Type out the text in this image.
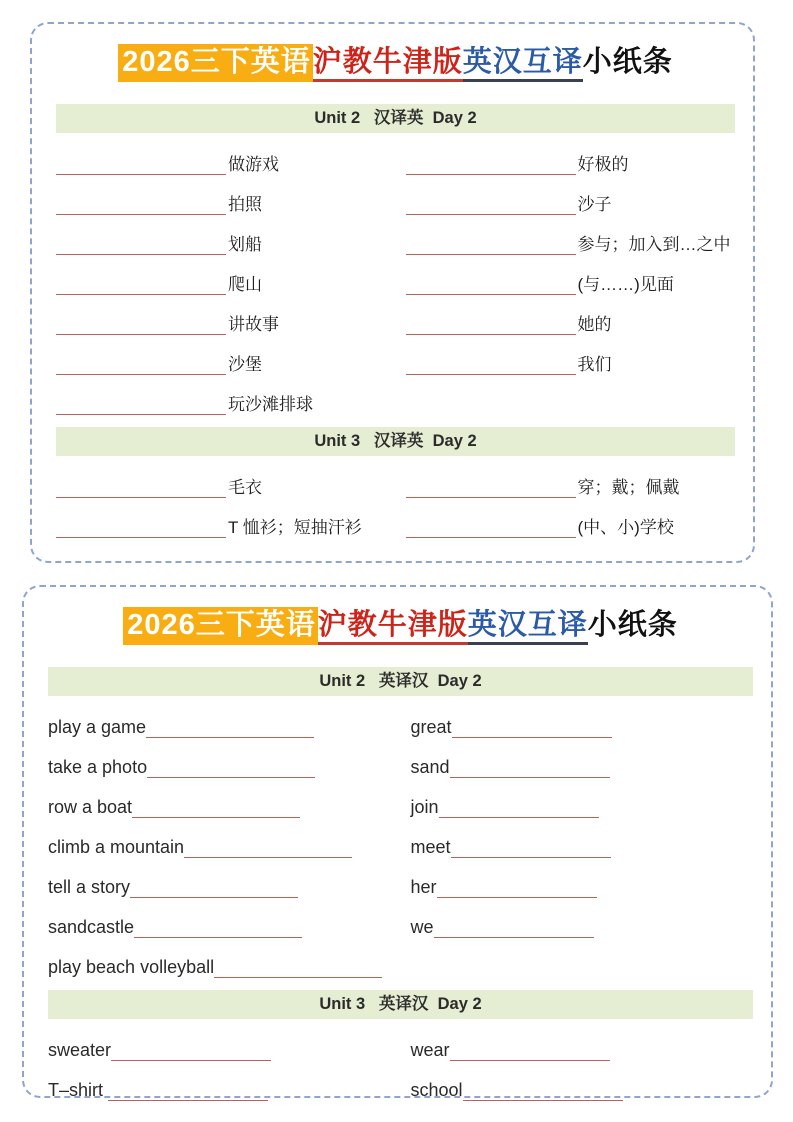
2026三下英语沪教牛津版英汉互译小纸条
Unit 2   汉译英  Day 2
做游戏
拍照
划船
爬山
讲故事
沙堡
玩沙滩排球
好极的
沙子
参与；加入到…之中
(与……)见面
她的
我们
Unit 3   汉译英  Day 2
毛衣
T 恤衫；短抽汗衫
穿；戴；佩戴
(中、小)学校
2026三下英语沪教牛津版英汉互译小纸条
Unit 2   英译汉  Day 2
play a game
take a photo
row a boat
climb a mountain
tell a story
sandcastle
play beach volleyball
great
sand
join
meet
her
we
Unit 3   英译汉  Day 2
sweater
T–shirt
wear
school
